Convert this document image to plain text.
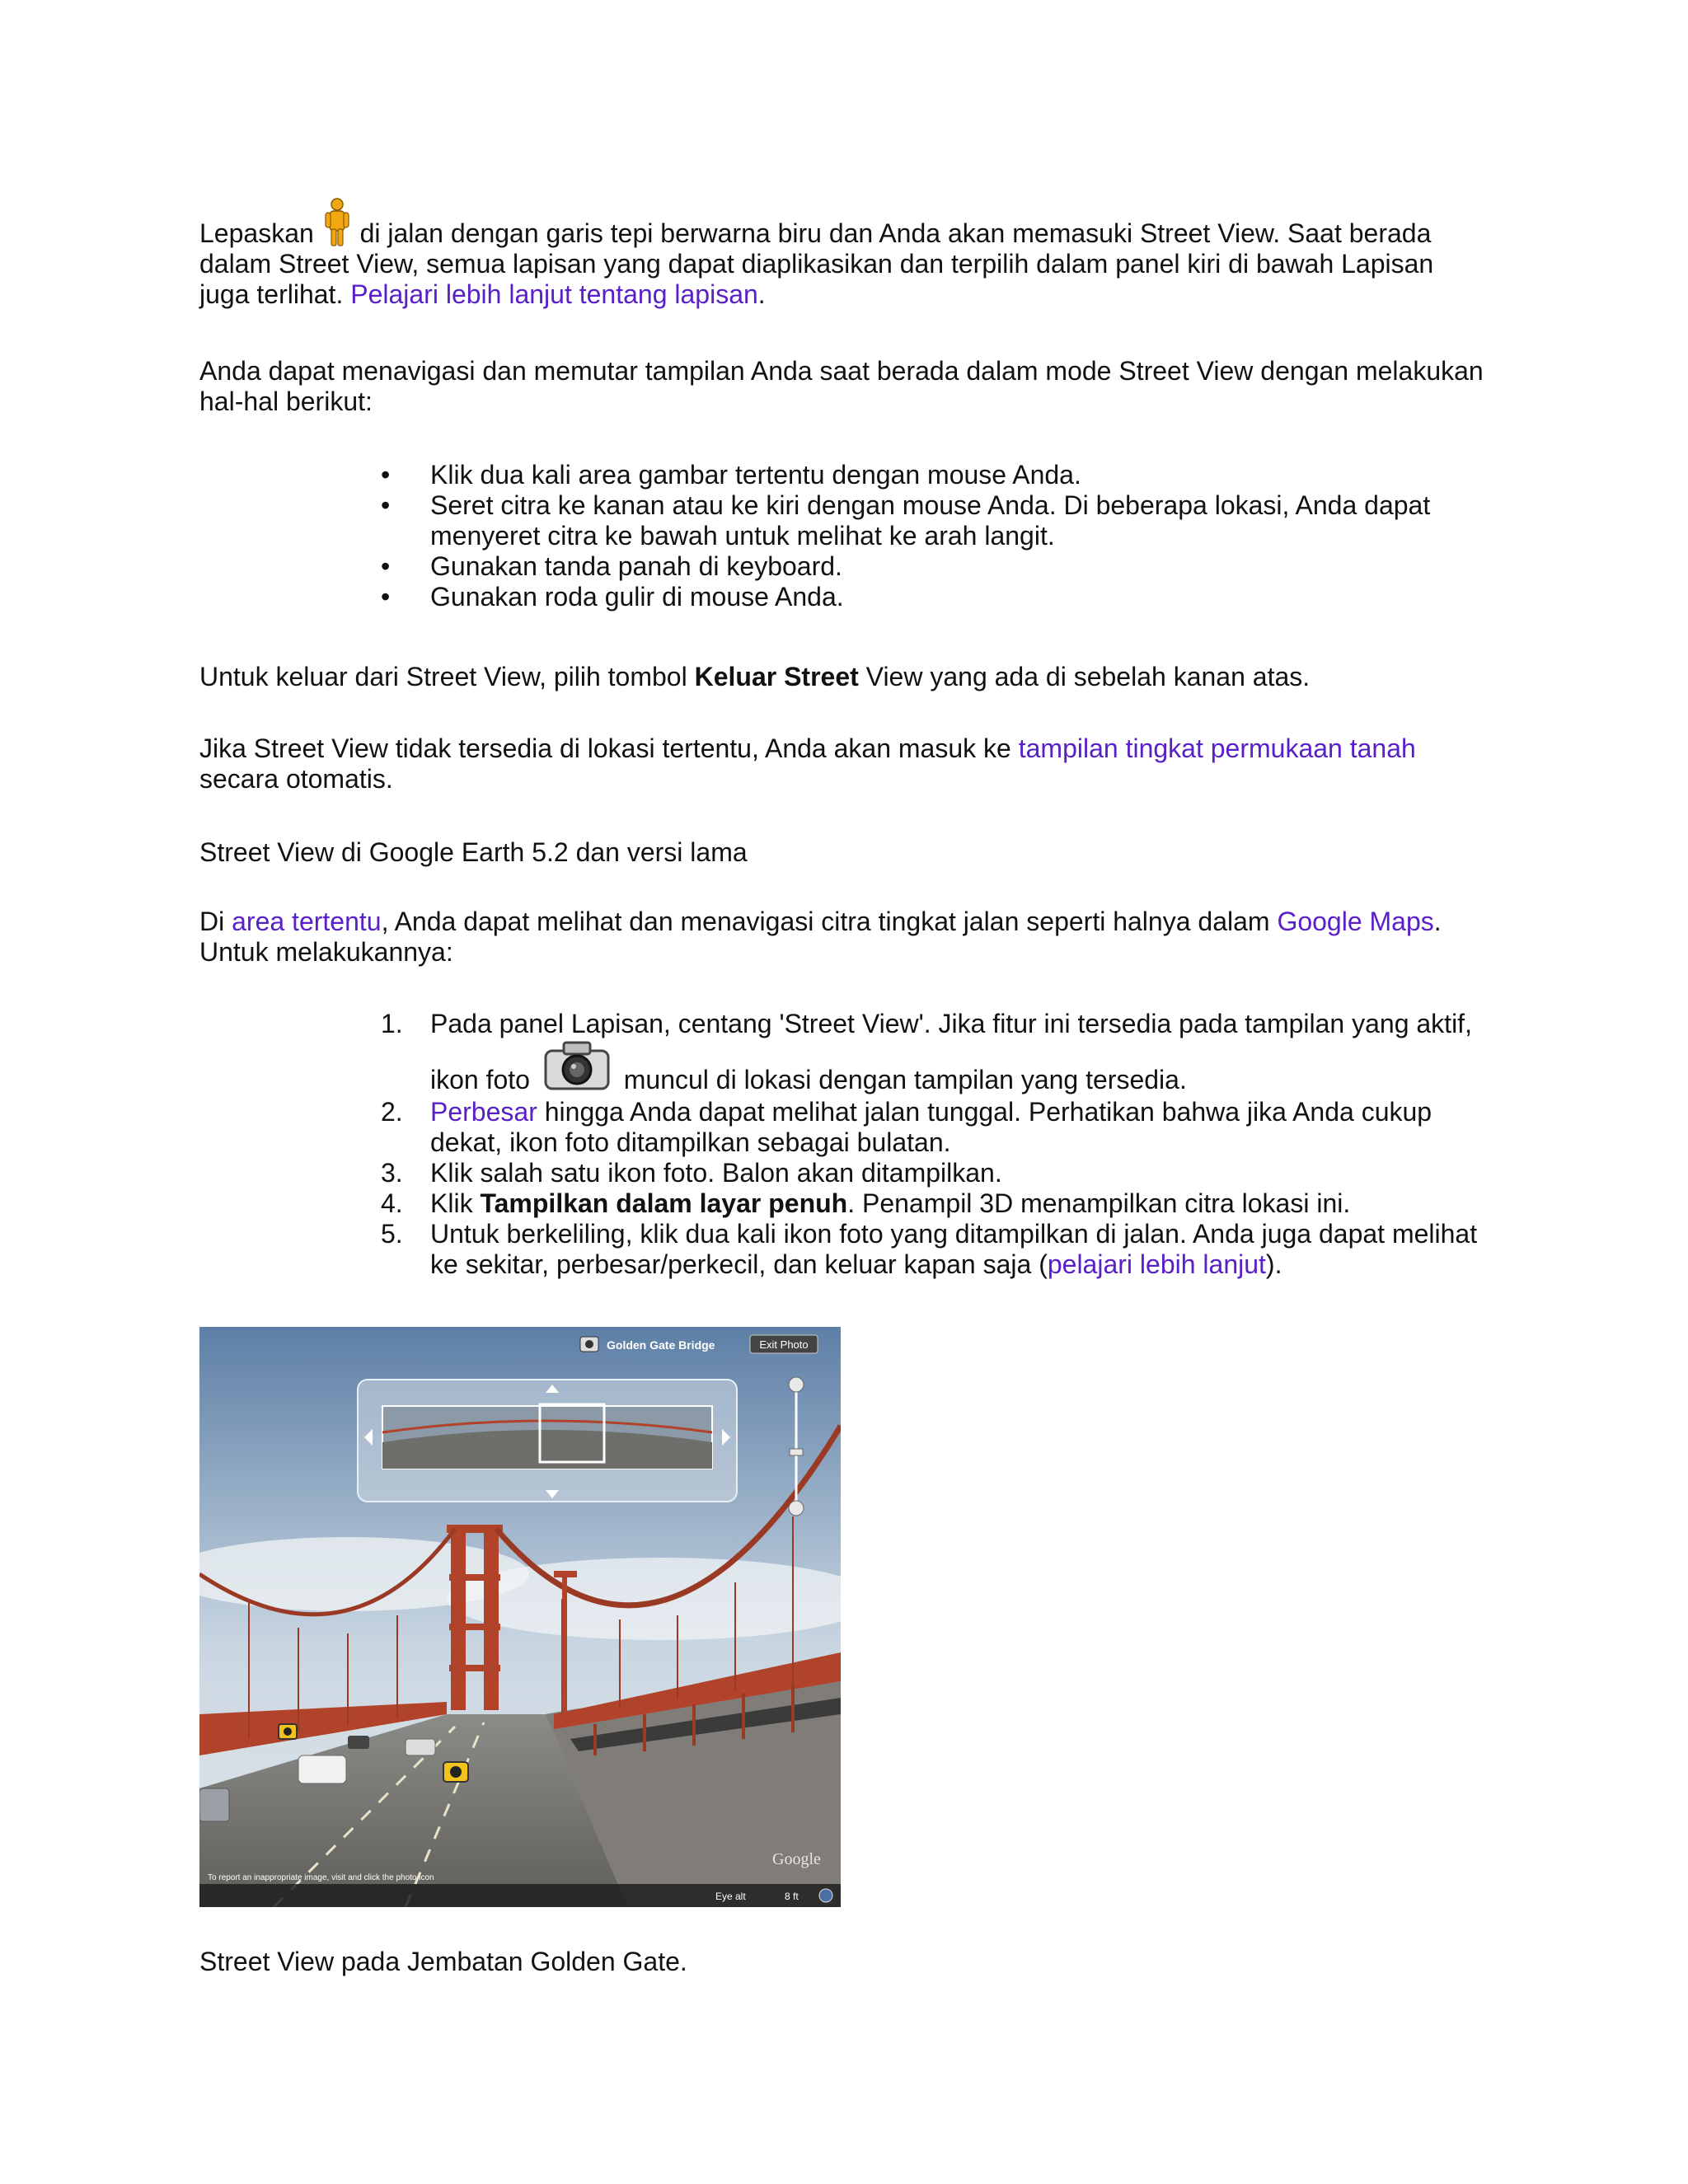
Lepaskan di jalan dengan garis tepi berwarna biru dan Anda akan memasuki Street View. Saat berada dalam Street View, semua lapisan yang dapat diaplikasikan dan terpilih dalam panel kiri di bawah Lapisan juga terlihat. Pelajari lebih lanjut tentang lapisan.

Anda dapat menavigasi dan memutar tampilan Anda saat berada dalam mode Street View dengan melakukan hal-hal berikut:

•	Klik dua kali area gambar tertentu dengan mouse Anda.
•	Seret citra ke kanan atau ke kiri dengan mouse Anda. Di beberapa lokasi, Anda dapat menyeret citra ke bawah untuk melihat ke arah langit.
•	Gunakan tanda panah di keyboard.
•	Gunakan roda gulir di mouse Anda.

Untuk keluar dari Street View, pilih tombol Keluar Street View yang ada di sebelah kanan atas.

Jika Street View tidak tersedia di lokasi tertentu, Anda akan masuk ke tampilan tingkat permukaan tanah secara otomatis.

Street View di Google Earth 5.2 dan versi lama

Di area tertentu, Anda dapat melihat dan menavigasi citra tingkat jalan seperti halnya dalam Google Maps. Untuk melakukannya:

1.	Pada panel Lapisan, centang 'Street View'. Jika fitur ini tersedia pada tampilan yang aktif, ikon foto	muncul di lokasi dengan tampilan yang tersedia.
2.	Perbesar hingga Anda dapat melihat jalan tunggal. Perhatikan bahwa jika Anda cukup dekat, ikon foto ditampilkan sebagai bulatan.
3.	Klik salah satu ikon foto. Balon akan ditampilkan.
4.	Klik Tampilkan dalam layar penuh. Penampil 3D menampilkan citra lokasi ini.
5.	Untuk berkeliling, klik dua kali ikon foto yang ditampilkan di jalan. Anda juga dapat melihat ke sekitar, perbesar/perkecil, dan keluar kapan saja (pelajari lebih lanjut).
Golden Gate Bridge	Exit Photo
To report an inappropriate image, visit and click the photo icon
Google
Eye alt	8 ft

Street View pada Jembatan Golden Gate.
